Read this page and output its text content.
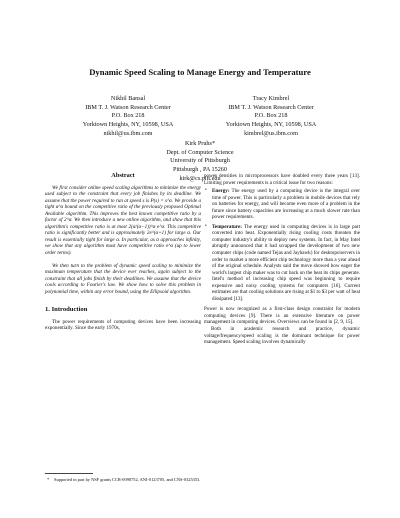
Dynamic Speed Scaling to Manage Energy and Temperature
Nikhil Bansal
IBM T. J. Watson Research Center
P.O. Box 218
Yorktown Heights, NY, 10598, USA
nikhil@us.ibm.com
Tracy Kimbrel
IBM T. J. Watson Research Center
P.O. Box 218
Yorktown Heights, NY, 10598, USA
kimbrel@us.ibm.com
Kirk Pruhs*
Dept. of Computer Science
University of Pittsburgh
Pittsburgh , PA 15260
kirk@cs.pitt.edu
Abstract

We first consider online speed scaling algorithms to minimize the energy used subject to the constraint that every job finishes by its deadline. We assume that the power required to run at speed s is P(s) = s^α. We provide a tight α^α bound on the competitive ratio of the previously proposed Optimal Available algorithm. This improves the best known competitive ratio by a factor of 2^α. We then introduce a new online algorithm, and show that this algorithm's competitive ratio is at most 2(α/(α−1))^α e^α. This competitive ratio is significantly better and is approximately 2e^(α+1) for large α. Our result is essentially tight for large α. In particular, as α approaches infinity, we show that any algorithm must have competitive ratio e^α (up to lower order terms).

We then turn to the problem of dynamic speed scaling to minimize the maximum temperature that the device ever reaches, again subject to the constraint that all jobs finish by their deadlines. We assume that the device cools according to Fourier's law. We show how to solve this problem in polynomial time, within any error bound, using the Ellipsoid algorithm.

1. Introduction

The power requirements of computing devices have been increasing exponentially. Since the early 1970s,

* Supported in part by NSF grants CCR-0098752, ANI-0123705, and CNS-0325353.

power densities in microprocessors have doubled every three years [13]. Limiting power requirements is a critical issue for two reasons:

• Energy: The energy used by a computing device is the integral over time of power. This is particularly a problem in mobile devices that rely on batteries for energy, and will become even more of a problem in the future since battery capacities are increasing at a much slower rate than power requirements.
• Temperature: The energy used in computing devices is in large part converted into heat. Exponentially rising cooling costs threaten the computer industry's ability to deploy new systems. In fact, in May Intel abruptly announced that it had scrapped the development of two new computer chips (code named Tejas and Jayhawk) for desktops/servers in order to market a more efficient chip technology more than a year ahead of the original schedule. Analysts said the move showed how eager the world's largest chip maker was to cut back on the heat its chips generate. Intel's method of increasing chip speed was beginning to require expensive and noisy cooling systems for computers [16]. Current estimates are that cooling solutions are rising at $1 to $3 per watt of heat dissipated [13].

Power is now recognized as a first-class design constraint for modern computing devices [9]. There is an extensive literature on power management in computing devices. Overviews can be found in [2, 9, 15].

Both in academic research and practice, dynamic voltage/frequency/speed scaling is the dominant technique for power management. Speed scaling involves dynamically
